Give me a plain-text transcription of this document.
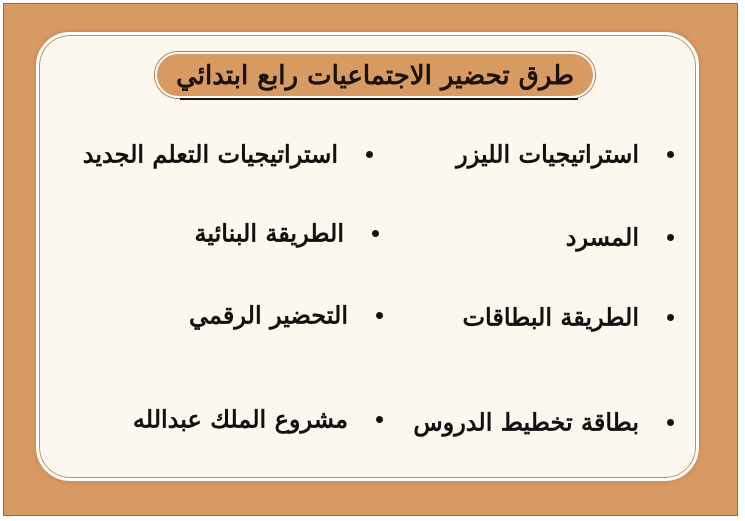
طرق تحضير الاجتماعيات رابع ابتدائي
استراتيجيات الليزر
المسرد
الطريقة البطاقات
بطاقة تخطيط الدروس
استراتيجيات التعلم الجديد
الطريقة البنائية
التحضير الرقمي
مشروع الملك عبدالله
